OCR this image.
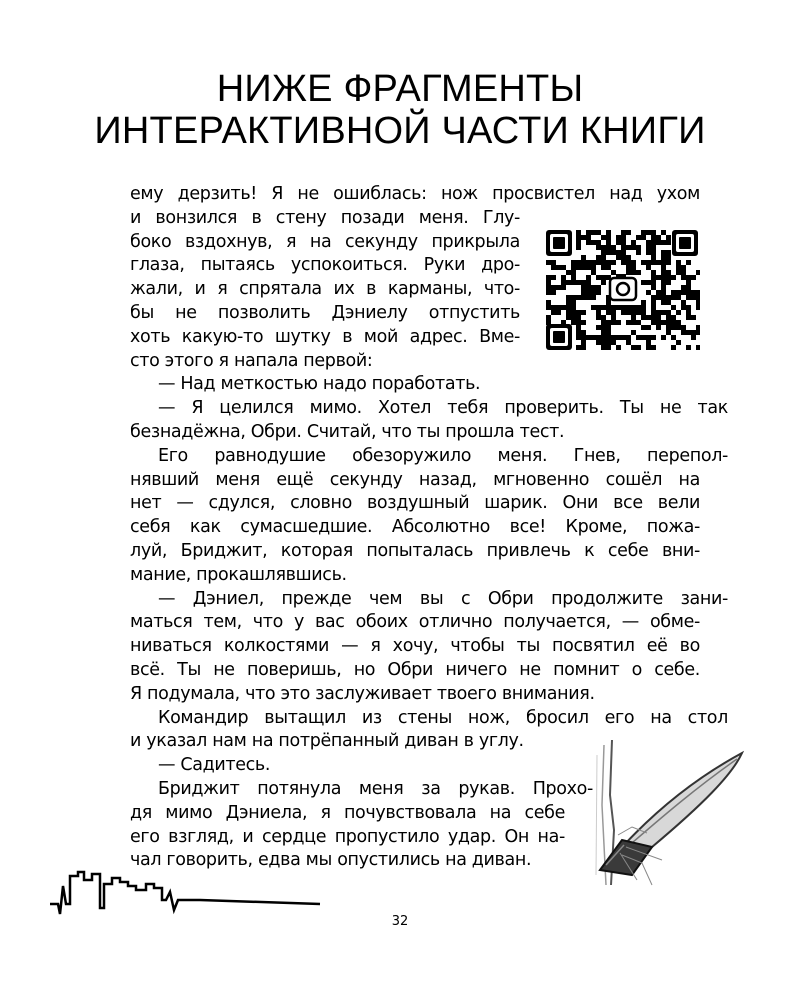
НИЖЕ ФРАГМЕНТЫ
ИНТЕРАКТИВНОЙ ЧАСТИ КНИГИ
ему дерзить! Я не ошиблась: нож просвистел над ухом
и вонзился в стену позади меня. Глу-
боко вздохнув, я на секунду прикрыла
глаза, пытаясь успокоиться. Руки дро-
жали, и я спрятала их в карманы, что-
бы не позволить Дэниелу отпустить
хоть какую-то шутку в мой адрес. Вме-
сто этого я напала первой:
— Над меткостью надо поработать.
— Я целился мимо. Хотел тебя проверить. Ты не так
безнадёжна, Обри. Считай, что ты прошла тест.
Его равнодушие обезоружило меня. Гнев, перепол-
нявший меня ещё секунду назад, мгновенно сошёл на
нет — сдулся, словно воздушный шарик. Они все вели
себя как сумасшедшие. Абсолютно все! Кроме, пожа-
луй, Бриджит, которая попыталась привлечь к себе вни-
мание, прокашлявшись.
— Дэниел, прежде чем вы с Обри продолжите зани-
маться тем, что у вас обоих отлично получается, — обме-
ниваться колкостями — я хочу, чтобы ты посвятил её во
всё. Ты не поверишь, но Обри ничего не помнит о себе.
Я подумала, что это заслуживает твоего внимания.
Командир вытащил из стены нож, бросил его на стол
и указал нам на потрёпанный диван в углу.
— Садитесь.
Бриджит потянула меня за рукав. Прохо-
дя мимо Дэниела, я почувствовала на себе
его взгляд, и сердце пропустило удар. Он на-
чал говорить, едва мы опустились на диван.
32
